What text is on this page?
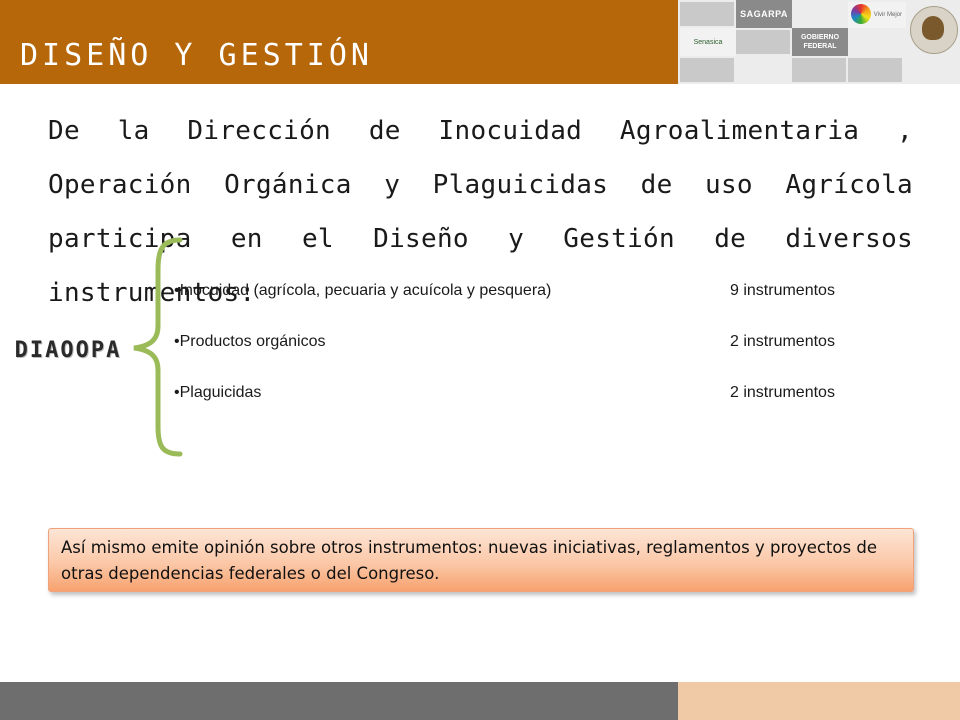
DISEÑO Y GESTIÓN
SAGARPA
GOBIERNO FEDERAL
Senasica
Vivir Mejor
De la Dirección de Inocuidad Agroalimentaria , Operación Orgánica y Plaguicidas de uso Agrícola participa en el Diseño y Gestión de diversos instrumentos:
DIAOOPA
•Inocuidad (agrícola, pecuaria y acuícola y pesquera)	9 instrumentos
•Productos orgánicos	2 instrumentos
•Plaguicidas	2 instrumentos
Así mismo emite opinión sobre otros instrumentos: nuevas iniciativas, reglamentos y proyectos de otras dependencias federales o del Congreso.
